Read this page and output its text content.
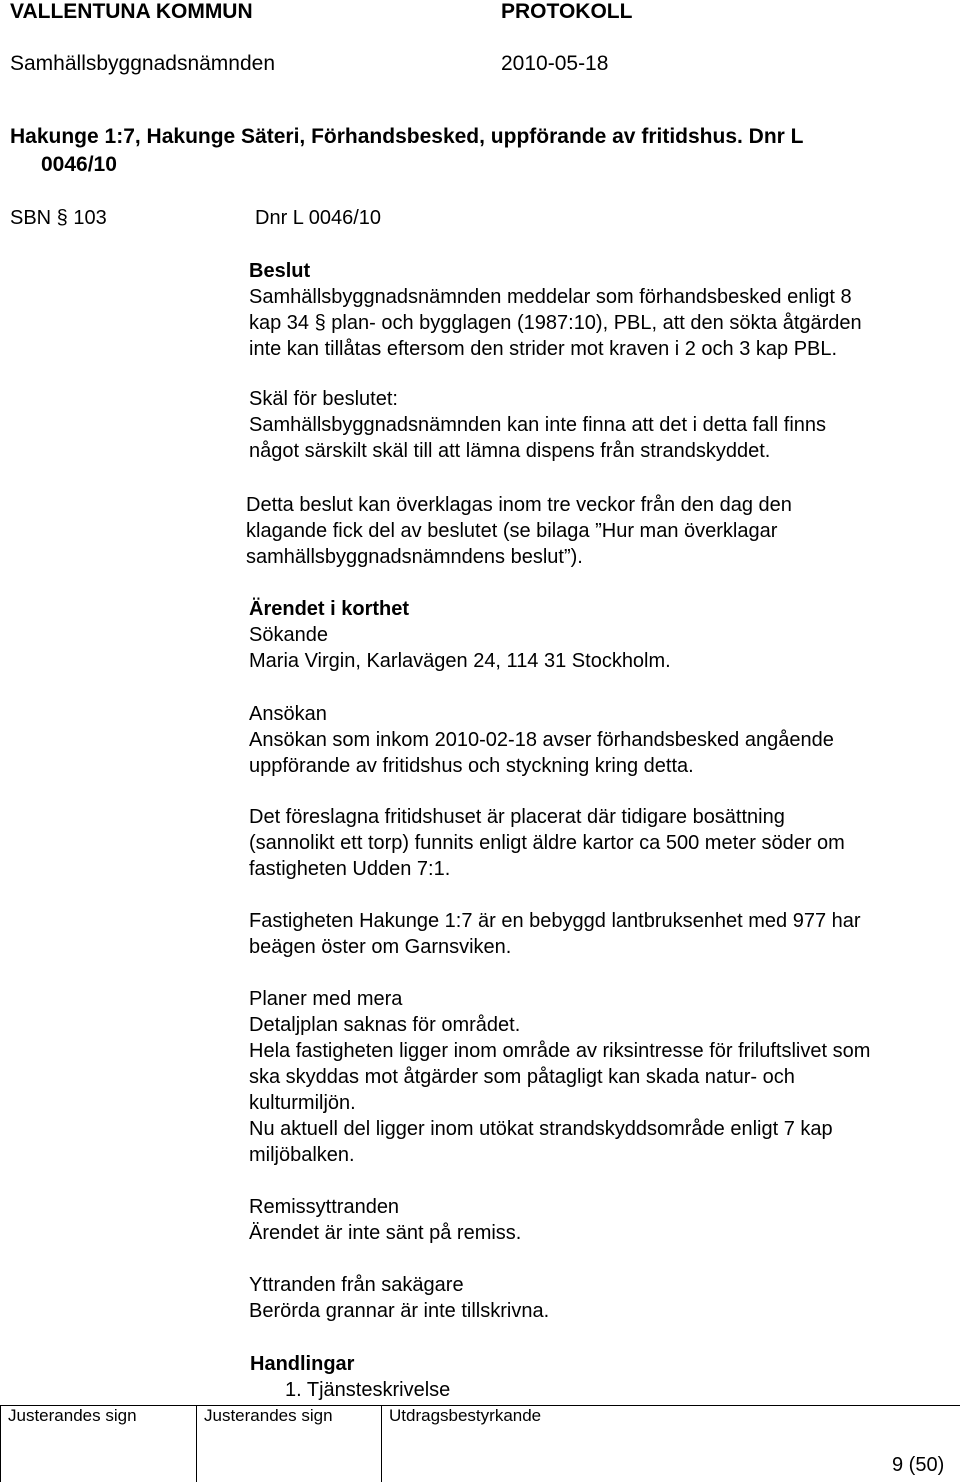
VALLENTUNA KOMMUN	PROTOKOLL
Samhällsbyggnadsnämnden	2010-05-18
Hakunge 1:7, Hakunge Säteri, Förhandsbesked, uppförande av fritidshus. Dnr L
0046/10
SBN § 103	Dnr L 0046/10

Beslut

Samhällsbyggnadsnämnden meddelar som förhandsbesked enligt 8

kap 34 § plan- och bygglagen (1987:10), PBL, att den sökta åtgärden

inte kan tillåtas eftersom den strider mot kraven i 2 och 3 kap PBL.

Skäl för beslutet:

Samhällsbyggnadsnämnden kan inte finna att det i detta fall finns

något särskilt skäl till att lämna dispens från strandskyddet.

Detta beslut kan överklagas inom tre veckor från den dag den

klagande fick del av beslutet (se bilaga ”Hur man överklagar

samhällsbyggnadsnämndens beslut”).

Ärendet i korthet

Sökande

Maria Virgin, Karlavägen 24, 114 31 Stockholm.

Ansökan

Ansökan som inkom 2010-02-18 avser förhandsbesked angående

uppförande av fritidshus och styckning kring detta.

Det föreslagna fritidshuset är placerat där tidigare bosättning

(sannolikt ett torp) funnits enligt äldre kartor ca 500 meter söder om

fastigheten Udden 7:1.

Fastigheten Hakunge 1:7 är en bebyggd lantbruksenhet med 977 har

beägen öster om Garnsviken.

Planer med mera

Detaljplan saknas för området.

Hela fastigheten ligger inom område av riksintresse för friluftslivet som

ska skyddas mot åtgärder som påtagligt kan skada natur- och

kulturmiljön.

Nu aktuell del ligger inom utökat strandskyddsområde enligt 7 kap

miljöbalken.

Remissyttranden

Ärendet är inte sänt på remiss.

Yttranden från sakägare

Berörda grannar är inte tillskrivna.

Handlingar
1. Tjänsteskrivelse
Justerandes sign	Justerandes sign	Utdragsbestyrkande
9 (50)
